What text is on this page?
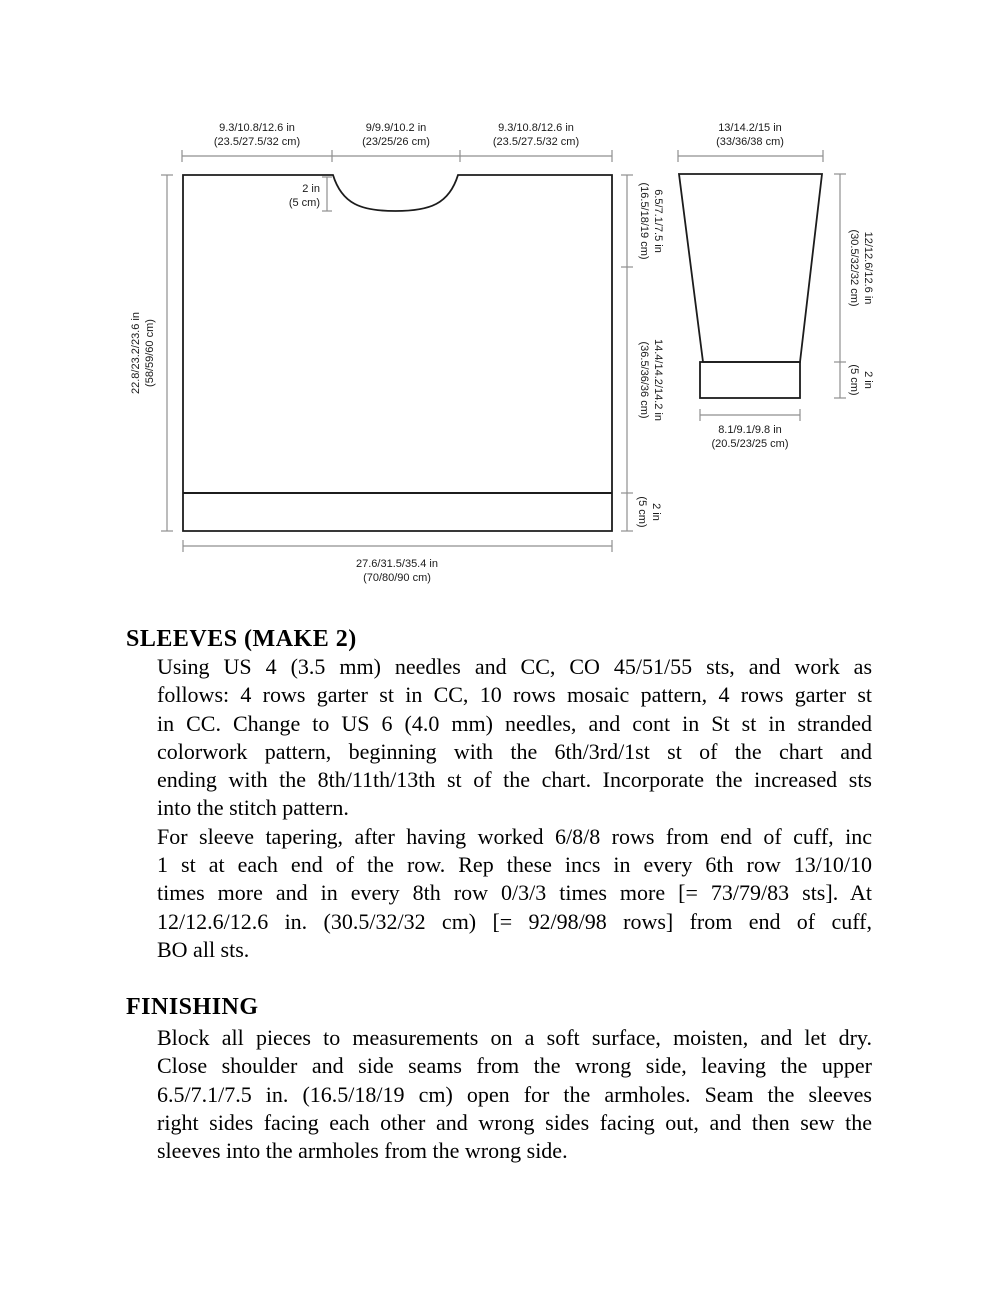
9.3/10.8/12.6 in
(23.5/27.5/32 cm)
9/9.9/10.2 in
(23/25/26 cm)
9.3/10.8/12.6 in
(23.5/27.5/32 cm)
2 in
(5 cm)
22.8/23.2/23.6 in (58/59/60 cm)
6.5/7.1/7.5 in
(16.5/18/19 cm)
14.4/14.2/14.2 in
(36.5/36/36 cm)
2 in
(5 cm)
27.6/31.5/35.4 in
(70/80/90 cm)
13/14.2/15 in
(33/36/38 cm)
12/12.6/12.6 in
(30.5/32/32 cm)
2 in
(5 cm)
8.1/9.1/9.8 in
(20.5/23/25 cm)
SLEEVES (MAKE 2)
Using US 4 (3.5 mm) needles and CC, CO 45/51/55 sts, and work as
follows: 4 rows garter st in CC, 10 rows mosaic pattern, 4 rows garter st
in CC. Change to US 6 (4.0 mm) needles, and cont in St st in stranded
colorwork pattern, beginning with the 6th/3rd/1st st of the chart and
ending with the 8th/11th/13th st of the chart. Incorporate the increased sts
into the stitch pattern.
For sleeve tapering, after having worked 6/8/8 rows from end of cuff, inc
1 st at each end of the row. Rep these incs in every 6th row 13/10/10
times more and in every 8th row 0/3/3 times more [= 73/79/83 sts]. At
12/12.6/12.6 in. (30.5/32/32 cm) [= 92/98/98 rows] from end of cuff,
BO all sts.
FINISHING
Block all pieces to measurements on a soft surface, moisten, and let dry.
Close shoulder and side seams from the wrong side, leaving the upper
6.5/7.1/7.5 in. (16.5/18/19 cm) open for the armholes. Seam the sleeves
right sides facing each other and wrong sides facing out, and then sew the
sleeves into the armholes from the wrong side.
